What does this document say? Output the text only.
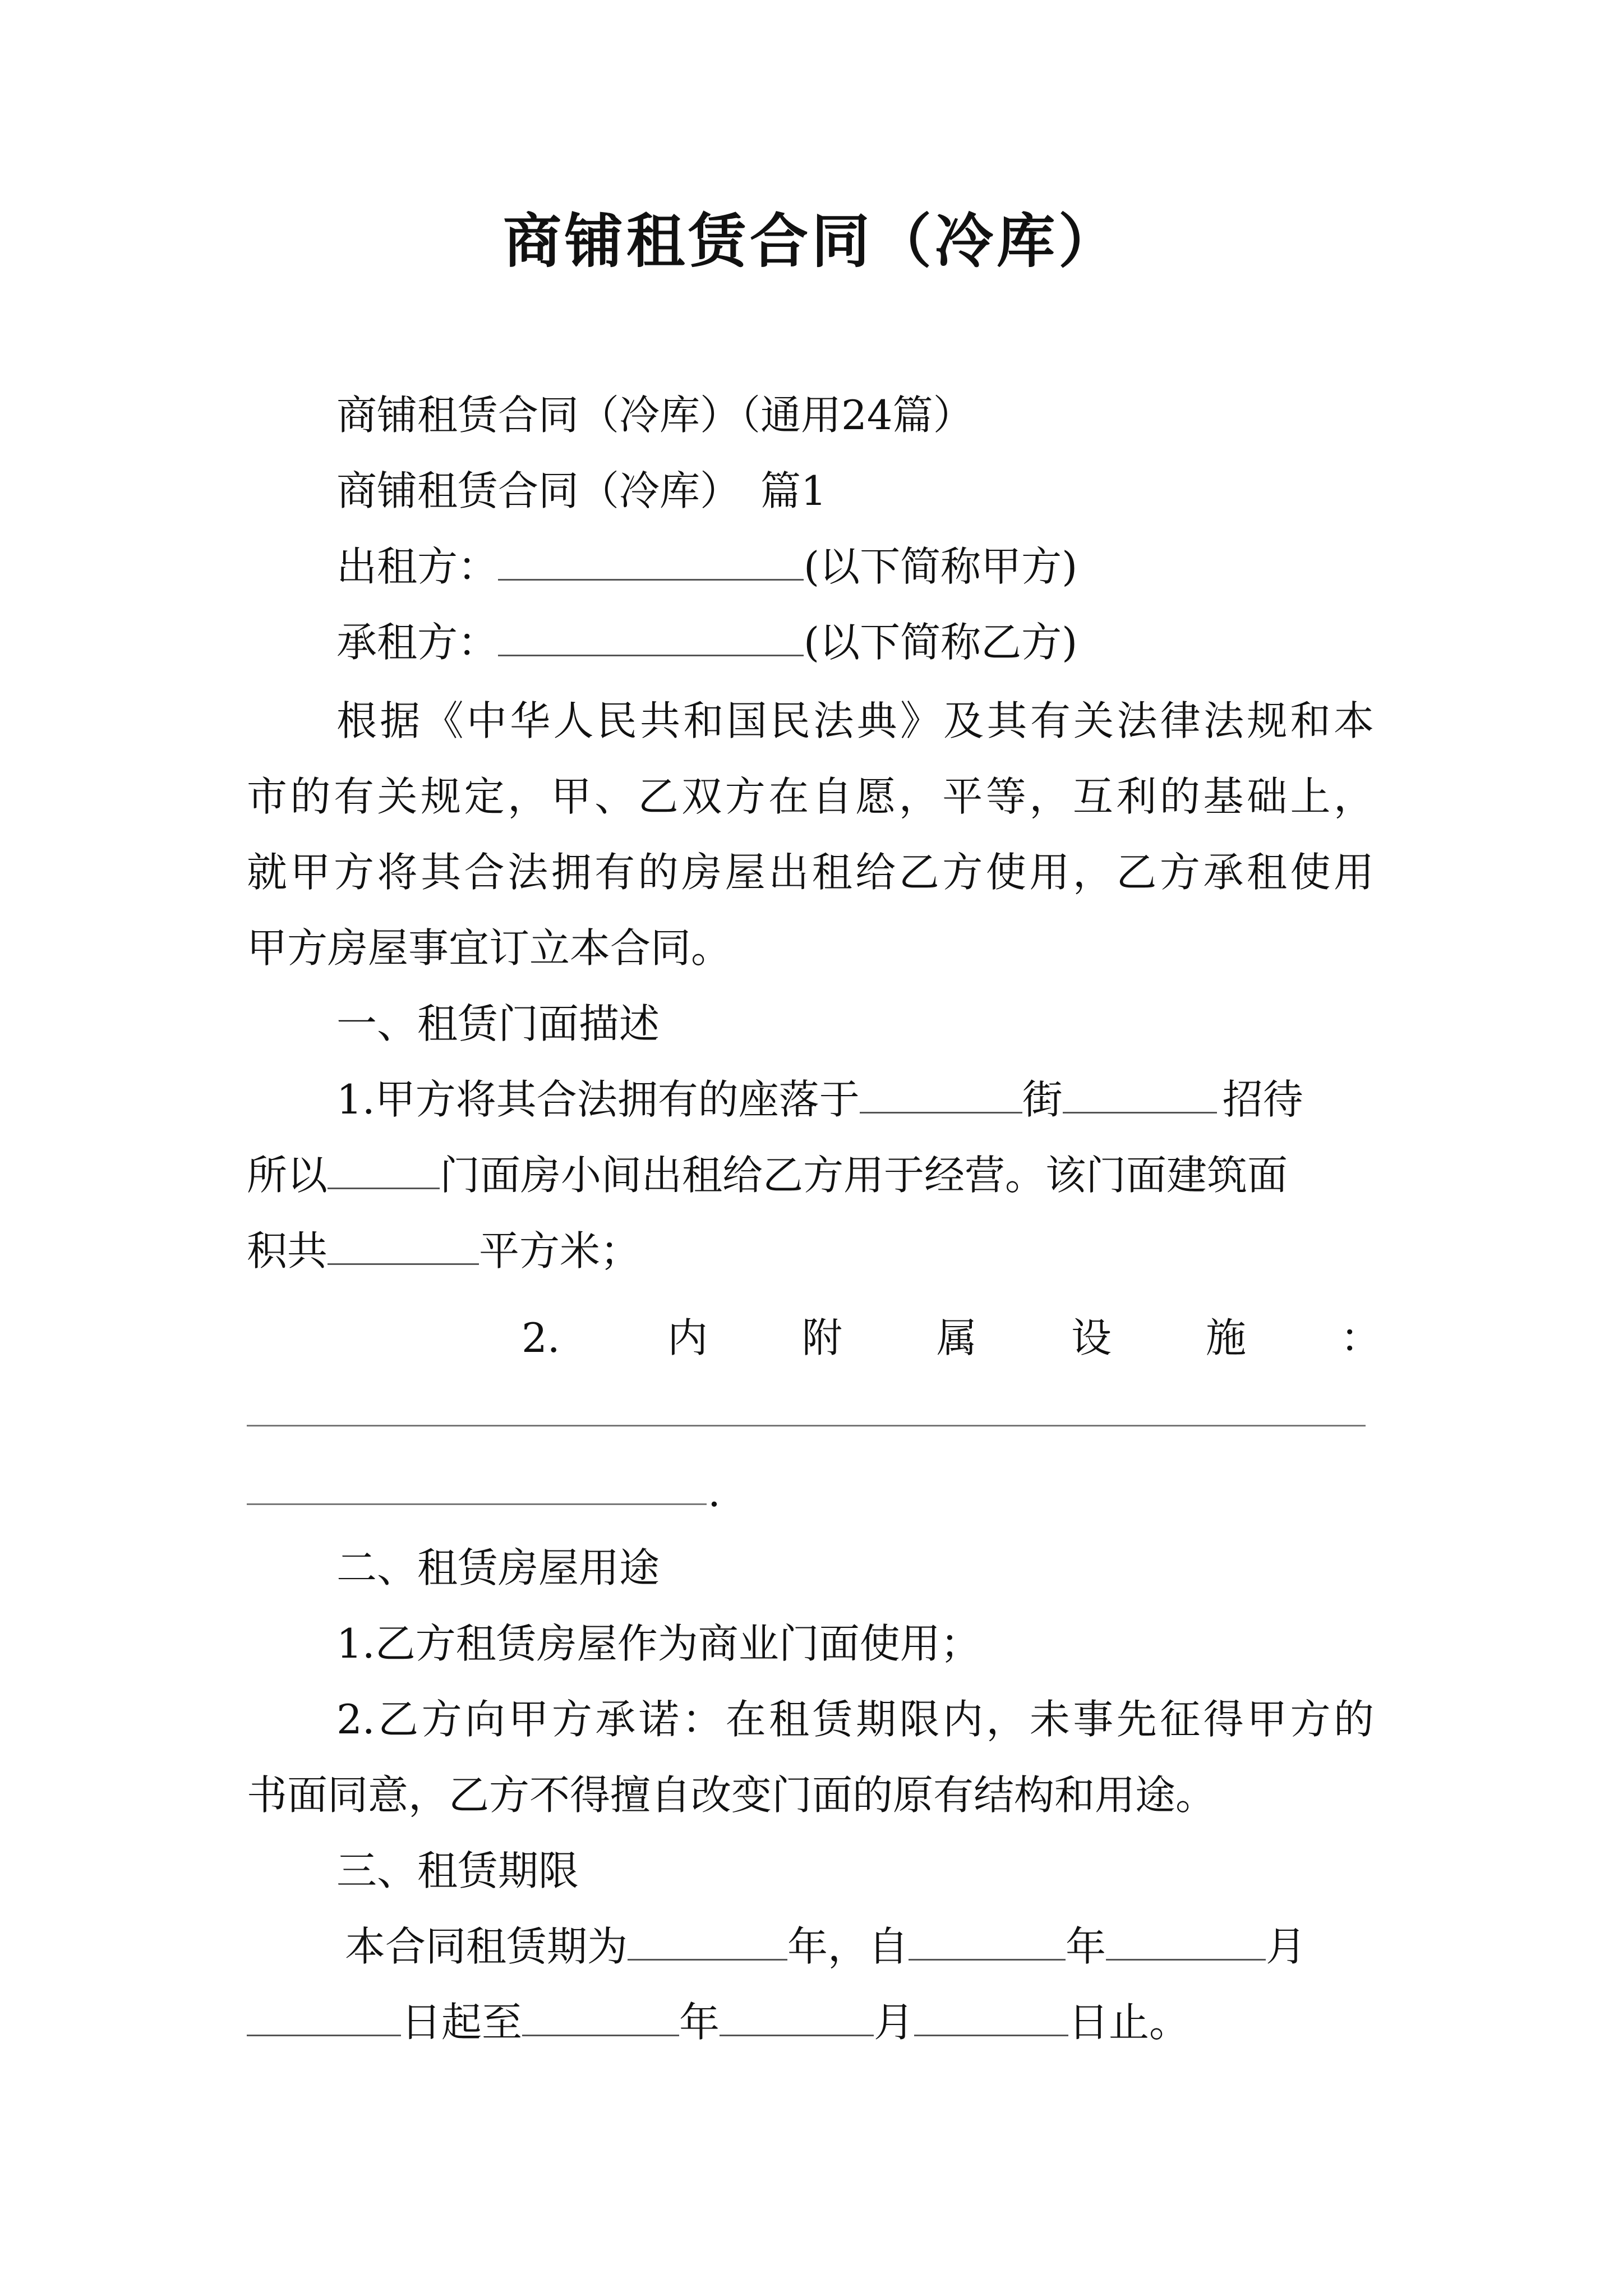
商铺租赁合同（冷库）
商铺租赁合同（冷库）（通用24篇）
商铺租赁合同（冷库）　篇1
出租方：	(以下简称甲方)
承租方：	(以下简称乙方)
根据《中华人民共和国民法典》及其有关法律法规和本
市的有关规定，甲、乙双方在自愿，平等，互利的基础上，
就甲方将其合法拥有的房屋出租给乙方使用，乙方承租使用
甲方房屋事宜订立本合同。
一、租赁门面描述
1.甲方将其合法拥有的座落于	街	招待
所以	门面房小间出租给乙方用于经营。该门面建筑面
积共	平方米；
2.	内 附 属 设 施 ：
.
二、租赁房屋用途
1.乙方租赁房屋作为商业门面使用；
2.乙方向甲方承诺：在租赁期限内，未事先征得甲方的
书面同意，乙方不得擅自改变门面的原有结构和用途。
三、租赁期限
本合同租赁期为	年，自	年	月
日起至	年	月	日止。
